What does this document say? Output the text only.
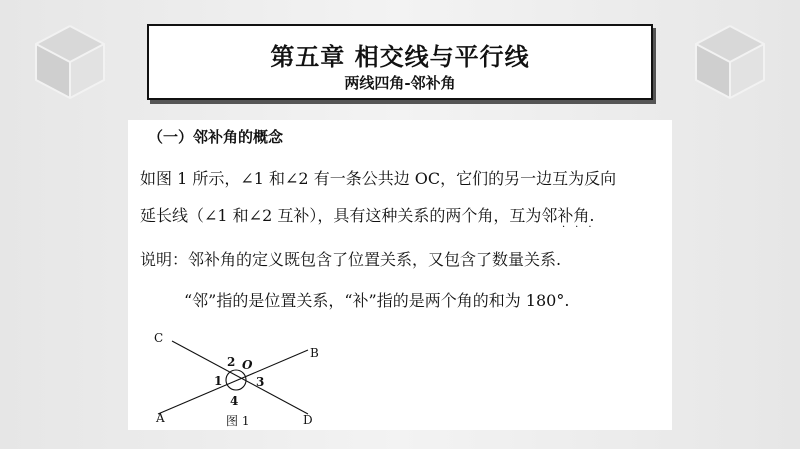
第五章 相交线与平行线
两线四角-邻补角
（一）邻补角的概念
如图 1 所示，∠1 和∠2 有一条公共边 OC，它们的另一边互为反向
延长线（∠1 和∠2 互补），具有这种关系的两个角，互为邻补角.
···
说明：邻补角的定义既包含了位置关系，又包含了数量关系.
“邻”指的是位置关系，“补”指的是两个角的和为 180°.
C
B
A	D
O
1
2
3
4
图 1
